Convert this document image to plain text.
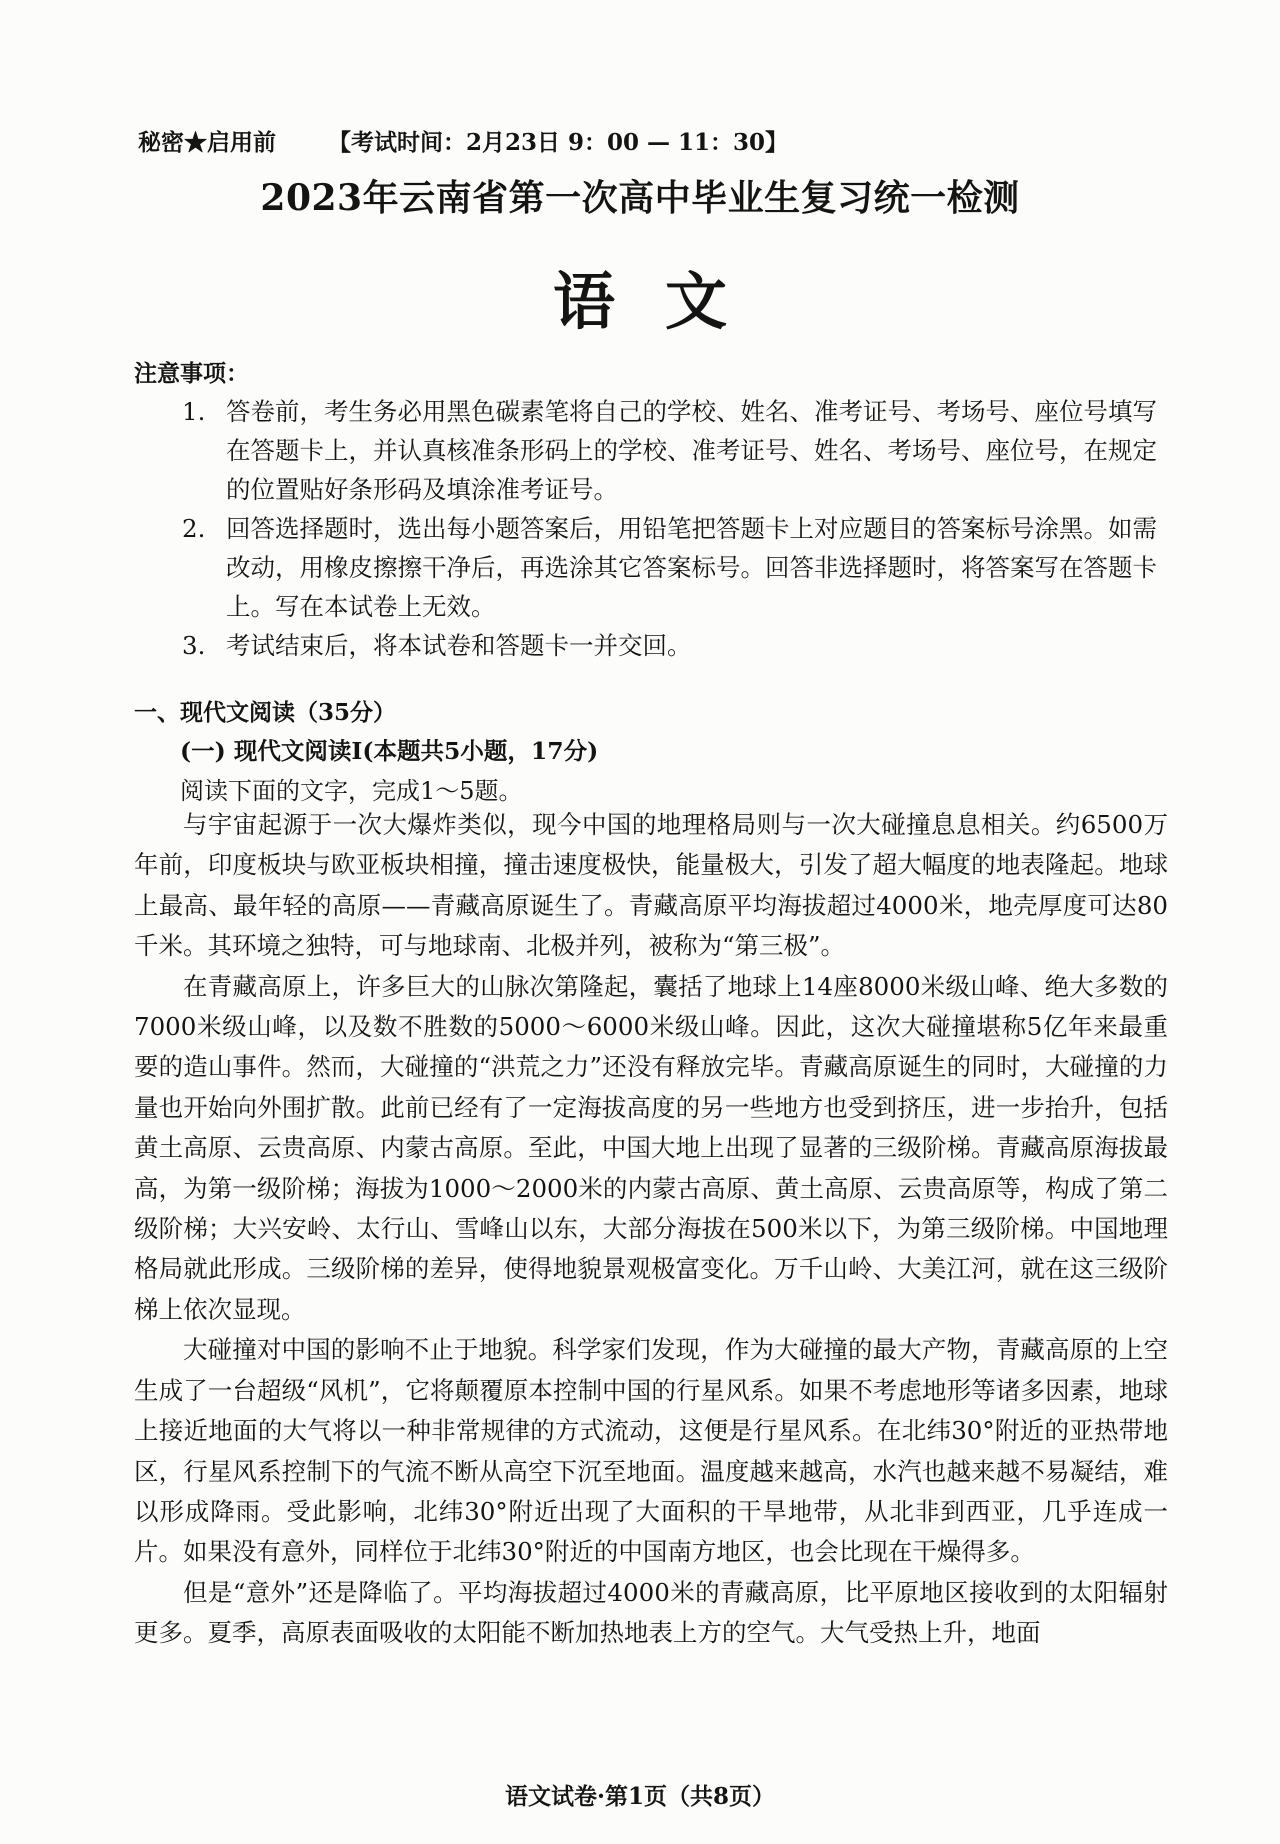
秘密★启用前 【考试时间：2月23日 9：00 — 11：30】
2023年云南省第一次高中毕业生复习统一检测
语文
注意事项：
1. 答卷前，考生务必用黑色碳素笔将自己的学校、姓名、准考证号、考场号、座位号填写在答题卡上，并认真核准条形码上的学校、准考证号、姓名、考场号、座位号，在规定的位置贴好条形码及填涂准考证号。
2. 回答选择题时，选出每小题答案后，用铅笔把答题卡上对应题目的答案标号涂黑。如需改动，用橡皮擦擦干净后，再选涂其它答案标号。回答非选择题时，将答案写在答题卡上。写在本试卷上无效。
3. 考试结束后，将本试卷和答题卡一并交回。
一、现代文阅读（35分）
(一) 现代文阅读Ⅰ(本题共5小题，17分)
阅读下面的文字，完成1～5题。

与宇宙起源于一次大爆炸类似，现今中国的地理格局则与一次大碰撞息息相关。约6500万年前，印度板块与欧亚板块相撞，撞击速度极快，能量极大，引发了超大幅度的地表隆起。地球上最高、最年轻的高原——青藏高原诞生了。青藏高原平均海拔超过4000米，地壳厚度可达80千米。其环境之独特，可与地球南、北极并列，被称为“第三极”。

在青藏高原上，许多巨大的山脉次第隆起，囊括了地球上14座8000米级山峰、绝大多数的7000米级山峰，以及数不胜数的5000～6000米级山峰。因此，这次大碰撞堪称5亿年来最重要的造山事件。然而，大碰撞的“洪荒之力”还没有释放完毕。青藏高原诞生的同时，大碰撞的力量也开始向外围扩散。此前已经有了一定海拔高度的另一些地方也受到挤压，进一步抬升，包括黄土高原、云贵高原、内蒙古高原。至此，中国大地上出现了显著的三级阶梯。青藏高原海拔最高，为第一级阶梯；海拔为1000～2000米的内蒙古高原、黄土高原、云贵高原等，构成了第二级阶梯；大兴安岭、太行山、雪峰山以东，大部分海拔在500米以下，为第三级阶梯。中国地理格局就此形成。三级阶梯的差异，使得地貌景观极富变化。万千山岭、大美江河，就在这三级阶梯上依次显现。

大碰撞对中国的影响不止于地貌。科学家们发现，作为大碰撞的最大产物，青藏高原的上空生成了一台超级“风机”，它将颠覆原本控制中国的行星风系。如果不考虑地形等诸多因素，地球上接近地面的大气将以一种非常规律的方式流动，这便是行星风系。在北纬30°附近的亚热带地区，行星风系控制下的气流不断从高空下沉至地面。温度越来越高，水汽也越来越不易凝结，难以形成降雨。受此影响，北纬30°附近出现了大面积的干旱地带，从北非到西亚，几乎连成一片。如果没有意外，同样位于北纬30°附近的中国南方地区，也会比现在干燥得多。

但是“意外”还是降临了。平均海拔超过4000米的青藏高原，比平原地区接收到的太阳辐射更多。夏季，高原表面吸收的太阳能不断加热地表上方的空气。大气受热上升，地面

语文试卷·第1页（共8页）
